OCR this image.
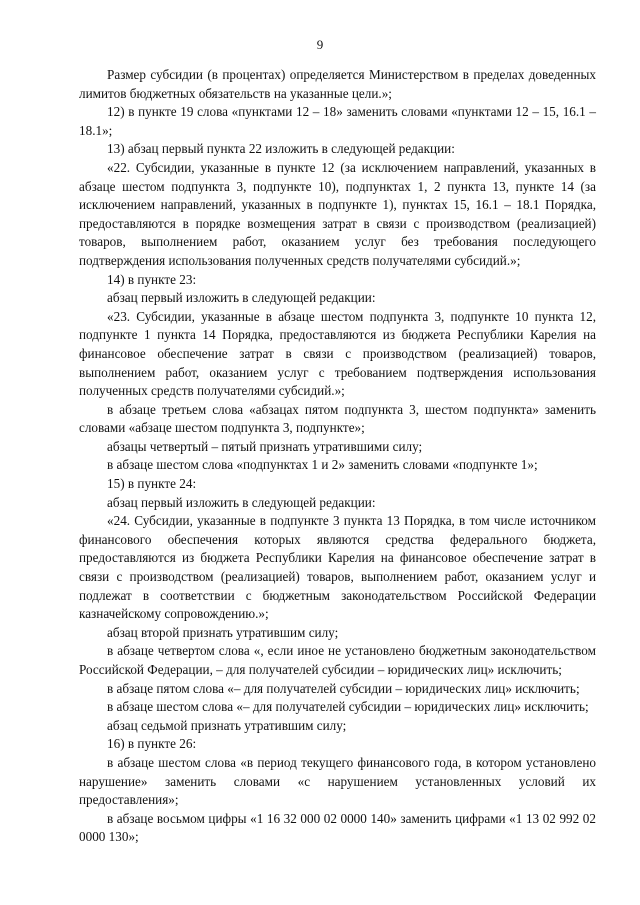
9

Размер субсидии (в процентах) определяется Министерством в пределах доведенных лимитов бюджетных обязательств на указанные цели.»;

12) в пункте 19 слова «пунктами 12 – 18» заменить словами «пунктами 12 – 15, 16.1 – 18.1»;

13) абзац первый пункта 22 изложить в следующей редакции:

«22. Субсидии, указанные в пункте 12 (за исключением направлений, указанных в абзаце шестом подпункта 3, подпункте 10), подпунктах 1, 2 пункта 13, пункте 14 (за исключением направлений, указанных в подпункте 1), пунктах 15, 16.1 – 18.1 Порядка, предоставляются в порядке возмещения затрат в связи с производством (реализацией) товаров, выполнением работ, оказанием услуг без требования последующего подтверждения использования полученных средств получателями субсидий.»;

14) в пункте 23:

абзац первый изложить в следующей редакции:

«23. Субсидии, указанные в абзаце шестом подпункта 3, подпункте 10 пункта 12, подпункте 1 пункта 14 Порядка, предоставляются из бюджета Республики Карелия на финансовое обеспечение затрат в связи с производством (реализацией) товаров, выполнением работ, оказанием услуг с требованием подтверждения использования полученных средств получателями субсидий.»;

в абзаце третьем слова «абзацах пятом подпункта 3, шестом подпункта» заменить словами «абзаце шестом подпункта 3, подпункте»;

абзацы четвертый – пятый признать утратившими силу;

в абзаце шестом слова «подпунктах 1 и 2» заменить словами «подпункте 1»;

15) в пункте 24:

абзац первый изложить в следующей редакции:

«24. Субсидии, указанные в подпункте 3 пункта 13 Порядка, в том числе источником финансового обеспечения которых являются средства федерального бюджета, предоставляются из бюджета Республики Карелия на финансовое обеспечение затрат в связи с производством (реализацией) товаров, выполнением работ, оказанием услуг и подлежат в соответствии с бюджетным законодательством Российской Федерации казначейскому сопровождению.»;

абзац второй признать утратившим силу;

в абзаце четвертом слова «, если иное не установлено бюджетным законодательством Российской Федерации, – для получателей субсидии – юридических лиц» исключить;

в абзаце пятом слова «– для получателей субсидии – юридических лиц» исключить;

в абзаце шестом слова «– для получателей субсидии – юридических лиц» исключить;

абзац седьмой признать утратившим силу;

16) в пункте 26:

в абзаце шестом слова «в период текущего финансового года, в котором установлено нарушение» заменить словами «с нарушением установленных условий их предоставления»;

в абзаце восьмом цифры «1 16 32 000 02 0000 140» заменить цифрами «1 13 02 992 02 0000 130»;
